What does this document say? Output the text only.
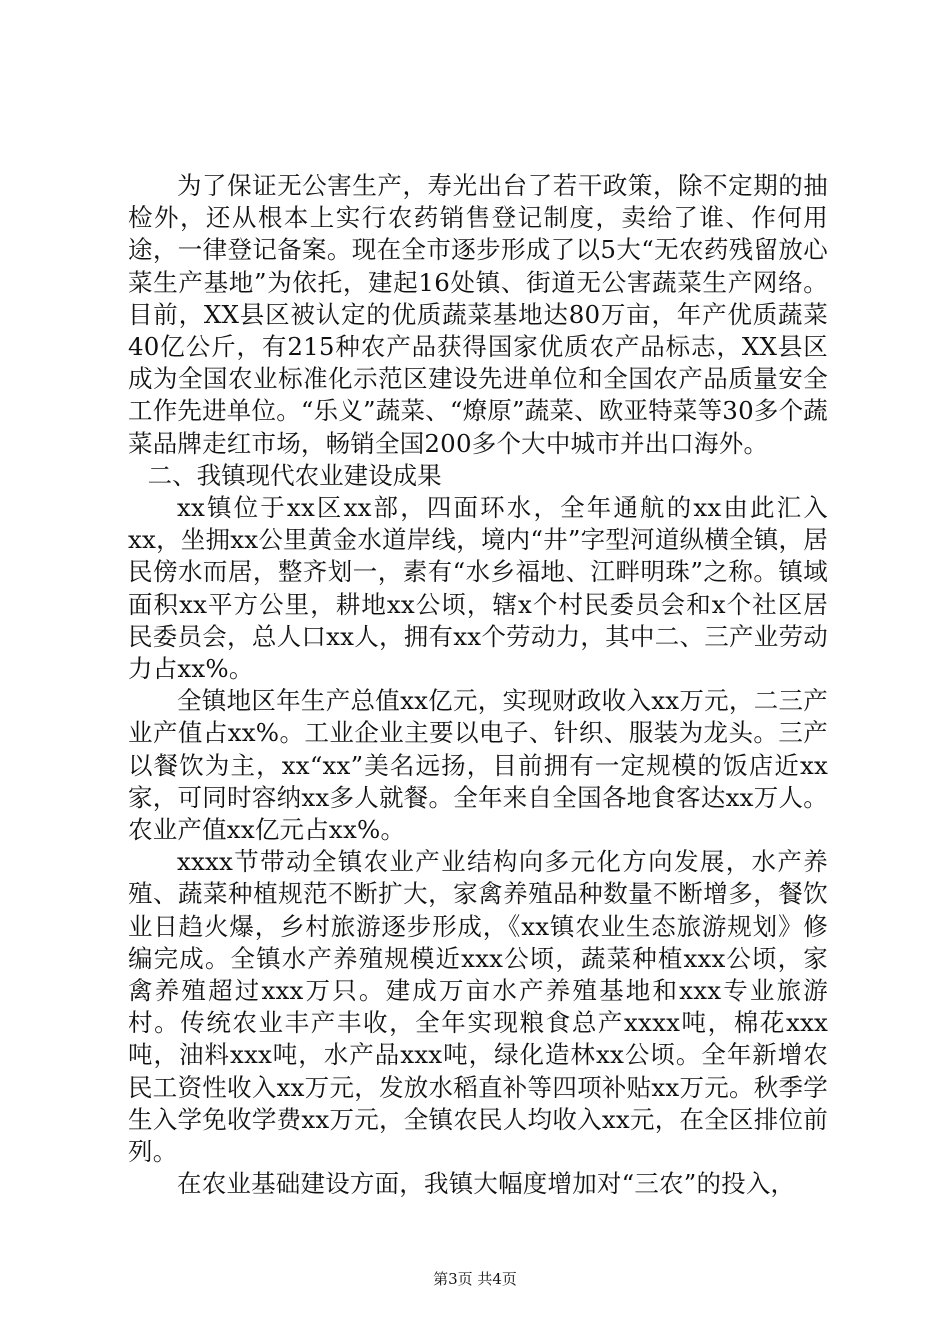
为了保证无公害生产，寿光出台了若干政策，除不定期的抽检外，还从根本上实行农药销售登记制度，卖给了谁、作何用途，一律登记备案。现在全市逐步形成了以5大“无农药残留放心菜生产基地”为依托，建起16处镇、街道无公害蔬菜生产网络。目前，XX县区被认定的优质蔬菜基地达80万亩，年产优质蔬菜40亿公斤，有215种农产品获得国家优质农产品标志，XX县区成为全国农业标准化示范区建设先进单位和全国农产品质量安全工作先进单位。“乐义”蔬菜、“燎原”蔬菜、欧亚特菜等30多个蔬菜品牌走红市场，畅销全国200多个大中城市并出口海外。

二、我镇现代农业建设成果

xx镇位于xx区xx部，四面环水，全年通航的xx由此汇入xx，坐拥xx公里黄金水道岸线，境内“井”字型河道纵横全镇，居民傍水而居，整齐划一，素有“水乡福地、江畔明珠”之称。镇域面积xx平方公里，耕地xx公顷，辖x个村民委员会和x个社区居民委员会，总人口xx人，拥有xx个劳动力，其中二、三产业劳动力占xx%。

全镇地区年生产总值xx亿元，实现财政收入xx万元，二三产业产值占xx%。工业企业主要以电子、针织、服装为龙头。三产以餐饮为主，xx“xx”美名远扬，目前拥有一定规模的饭店近xx家，可同时容纳xx多人就餐。全年来自全国各地食客达xx万人。农业产值xx亿元占xx%。

xxxx节带动全镇农业产业结构向多元化方向发展，水产养殖、蔬菜种植规范不断扩大，家禽养殖品种数量不断增多，餐饮业日趋火爆，乡村旅游逐步形成，《xx镇农业生态旅游规划》修编完成。全镇水产养殖规模近xxx公顷，蔬菜种植xxx公顷，家禽养殖超过xxx万只。建成万亩水产养殖基地和xxx专业旅游村。传统农业丰产丰收，全年实现粮食总产xxxx吨，棉花xxx吨，油料xxx吨，水产品xxx吨，绿化造林xx公顷。全年新增农民工资性收入xx万元，发放水稻直补等四项补贴xx万元。秋季学生入学免收学费xx万元，全镇农民人均收入xx元，在全区排位前列。

在农业基础建设方面，我镇大幅度增加对“三农”的投入，

第3页 共4页
